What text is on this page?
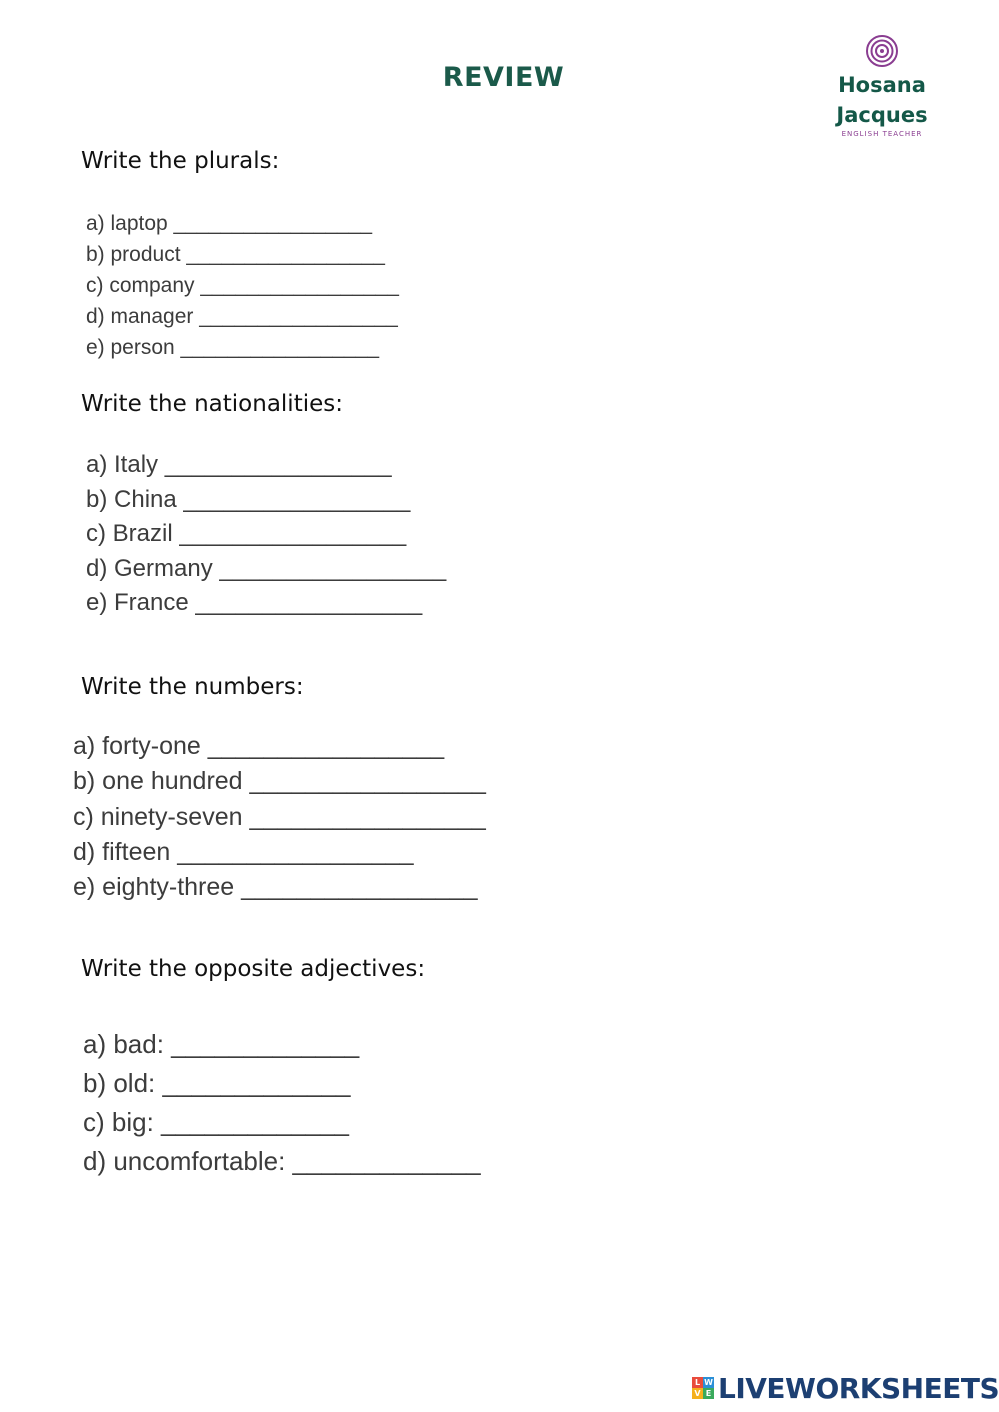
REVIEW	Hosana
Jacques
ENGLISH TEACHER
Write the plurals:
a) laptop _________________
b) product _________________
c) company _________________
d) manager _________________
e) person _________________
Write the nationalities:
a) Italy _________________
b) China _________________
c) Brazil _________________
d) Germany _________________
e) France _________________
Write the numbers:
a) forty-one _________________
b) one hundred _________________
c) ninety-seven _________________
d) fifteen _________________
e) eighty-three _________________
Write the opposite adjectives:
a) bad: _____________
b) old: _____________
c) big: _____________
d) uncomfortable: _____________
L W
V E LIVEWORKSHEETS
